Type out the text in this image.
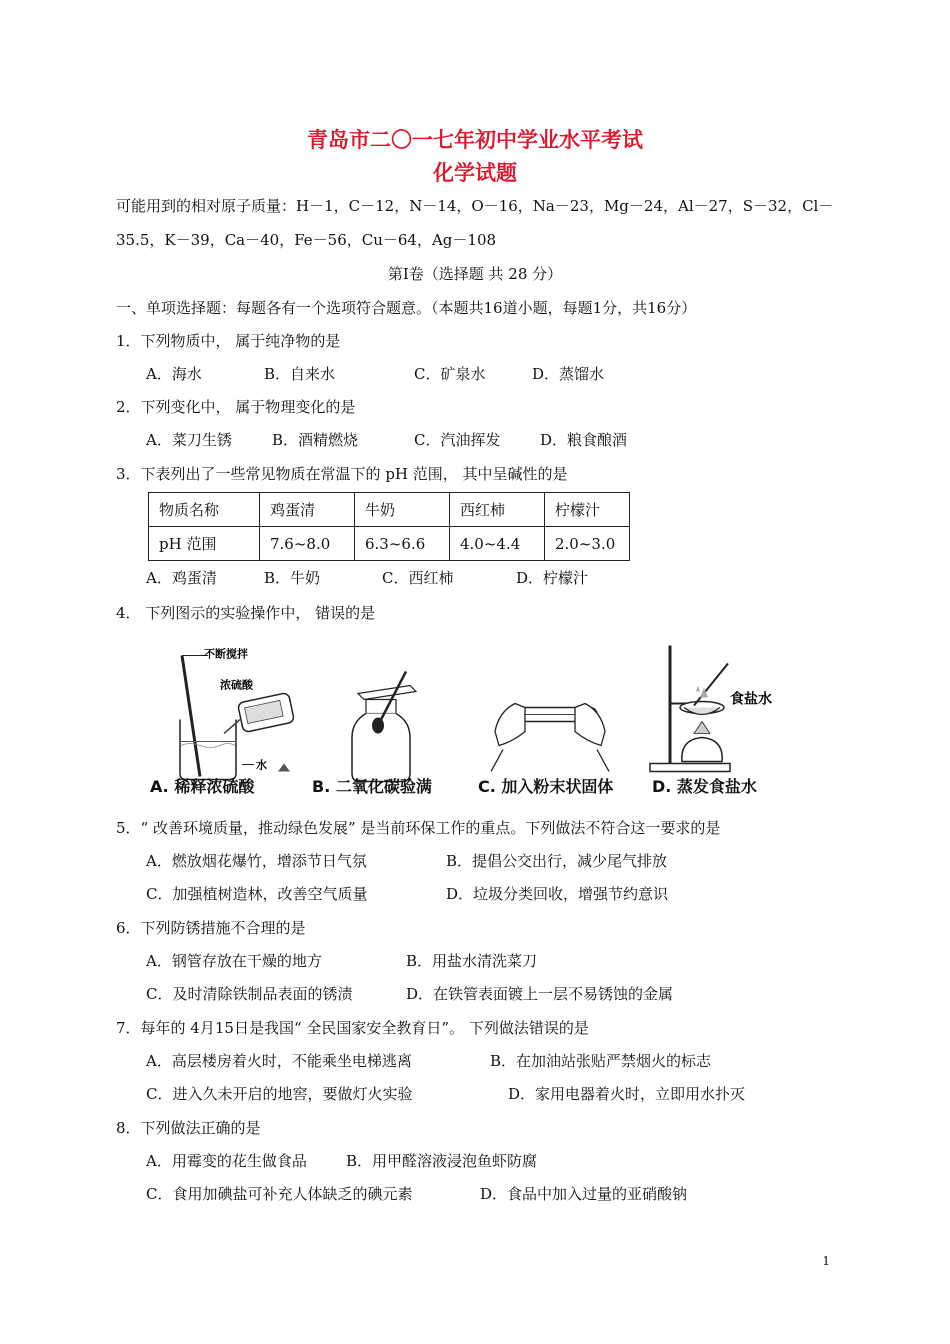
青岛市二〇一七年初中学业水平考试
化学试题
可能用到的相对原子质量：H－1，C－12，N－14，O－16，Na－23，Mg－24，Al－27，S－32，Cl－
35.5，K－39，Ca－40，Fe－56，Cu－64，Ag－108
第Ⅰ卷（选择题 共 28 分）
一、单项选择题：每题各有一个选项符合题意。（本题共16道小题，每题1分，共16分）
1．下列物质中， 属于纯净物的是
A．海水	B．自来水	C．矿泉水	D．蒸馏水
2．下列变化中， 属于物理变化的是
A．菜刀生锈	B．酒精燃烧	C．汽油挥发	D．粮食酿酒
3．下表列出了一些常见物质在常温下的 pH 范围， 其中呈碱性的是
物质名称	鸡蛋清	牛奶	西红柿	柠檬汁
pH 范围	7.6~8.0	6.3~6.6	4.0~4.4	2.0~3.0
A．鸡蛋清	B．牛奶	C．西红柿	D．柠檬汁
4． 下列图示的实验操作中， 错误的是
不断搅拌
浓硫酸
水
食盐水
A. 稀释浓硫酸	B. 二氧化碳验满	C. 加入粉末状固体 D. 蒸发食盐水
5．“ 改善环境质量，推动绿色发展” 是当前环保工作的重点。下列做法不符合这一要求的是
A．燃放烟花爆竹，增添节日气氛	B．提倡公交出行，减少尾气排放
C．加强植树造林，改善空气质量	D．垃圾分类回收，增强节约意识
6．下列防锈措施不合理的是
A．钢管存放在干燥的地方	B．用盐水清洗菜刀
C．及时清除铁制品表面的锈渍	D．在铁管表面镀上一层不易锈蚀的金属
7．每年的 4月15日是我国“ 全民国家安全教育日”。 下列做法错误的是
A．高层楼房着火时，不能乘坐电梯逃离	B．在加油站张贴严禁烟火的标志
C．进入久未开启的地窖，要做灯火实验	D．家用电器着火时，立即用水扑灭
8．下列做法正确的是
A．用霉变的花生做食品	B．用甲醛溶液浸泡鱼虾防腐
C．食用加碘盐可补充人体缺乏的碘元素	D．食品中加入过量的亚硝酸钠
1
